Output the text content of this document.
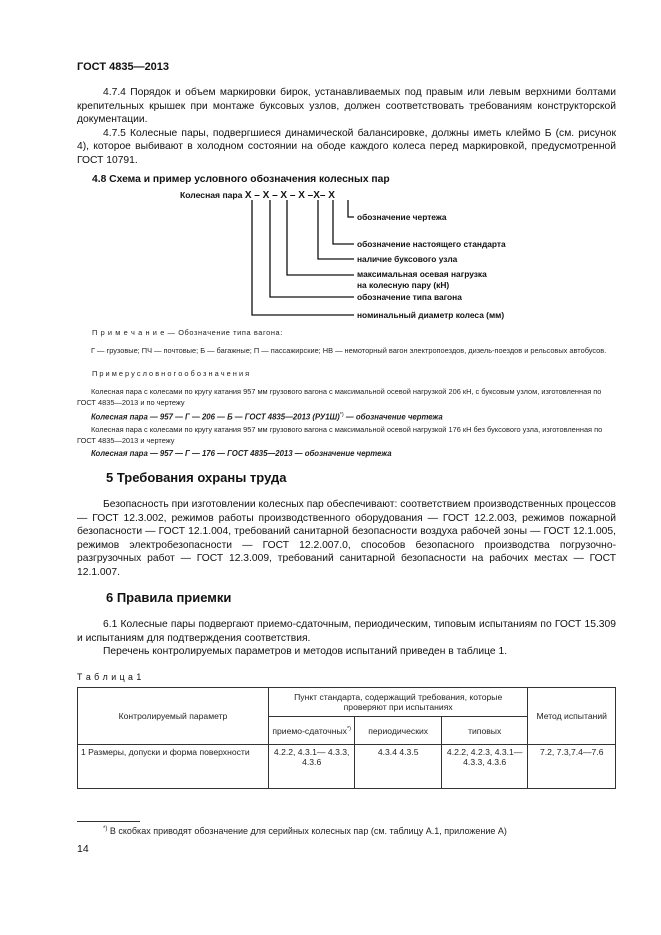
ГОСТ 4835—2013

4.7.4 Порядок и объем маркировки бирок, устанавливаемых под правым или левым верхними болтами крепительных крышек при монтаже буксовых узлов, должен соответствовать требованиям конструкторской документации.

4.7.5 Колесные пары, подвергшиеся динамической балансировке, должны иметь клеймо Б (см. рисунок 4), которое выбивают в холодном состоянии на ободе каждого колеса перед маркировкой, предусмотренной ГОСТ 10791.

4.8 Схема и пример условного обозначения колесных пар
Колесная пара X – X – X – X –X– X
обозначение чертежа
обозначение настоящего стандарта
наличие буксового узла
максимальная осевая нагрузка
на колесную пару (кН)
обозначение типа вагона
номинальный диаметр колеса (мм)
П р и м е ч а н и е — Обозначение типа вагона:

Г — грузовые; ПЧ — почтовые; Б — багажные; П — пассажирские; НВ — немоторный вагон электропоездов, дизель-поездов и рельсовых автобусов.

П р и м е р у с л о в н о г о о б о з н а ч е н и я

Колесная пара с колесами по кругу катания 957 мм грузового вагона с максимальной осевой нагрузкой 206 кН, с буксовым узлом, изготовленная по ГОСТ 4835—2013 и по чертежу

Колесная пара — 957 — Г — 206 — Б — ГОСТ 4835—2013 (РУ1Ш)*) — обозначение чертежа

Колесная пара с колесами по кругу катания 957 мм грузового вагона с максимальной осевой нагрузкой 176 кН без буксового узла, изготовленная по ГОСТ 4835—2013 и чертежу

Колесная пара — 957 — Г — 176 — ГОСТ 4835—2013 — обозначение чертежа

5 Требования охраны труда

Безопасность при изготовлении колесных пар обеспечивают: соответствием производственных процессов — ГОСТ 12.3.002, режимов работы производственного оборудования — ГОСТ 12.2.003, режимов пожарной безопасности — ГОСТ 12.1.004, требований санитарной безопасности воздуха рабочей зоны — ГОСТ 12.1.005, режимов электробезопасности — ГОСТ 12.2.007.0, способов безопасного производства погрузочно-разгрузочных работ — ГОСТ 12.3.009, требований санитарной безопасности на рабочих местах — ГОСТ 12.1.007.

6 Правила приемки

6.1 Колесные пары подвергают приемо-сдаточным, периодическим, типовым испытаниям по ГОСТ 15.309 и испытаниям для подтверждения соответствия.

Перечень контролируемых параметров и методов испытаний приведен в таблице 1.

Т а б л и ц а 1
Контролируемый параметр	Пункт стандарта, содержащий требования, которые проверяют при испытаниях			Метод испытаний
	приемо-сдаточных*)	периодических	типовых	
1 Размеры, допуски и форма поверхности	4.2.2, 4.3.1— 4.3.3, 4.3.6	4.3.4 4.3.5	4.2.2, 4.2.3, 4.3.1—4.3.3, 4.3.6	7.2, 7.3,7.4—7.6
*) В скобках приводят обозначение для серийных колесных пар (см. таблицу А.1, приложение А)
14
